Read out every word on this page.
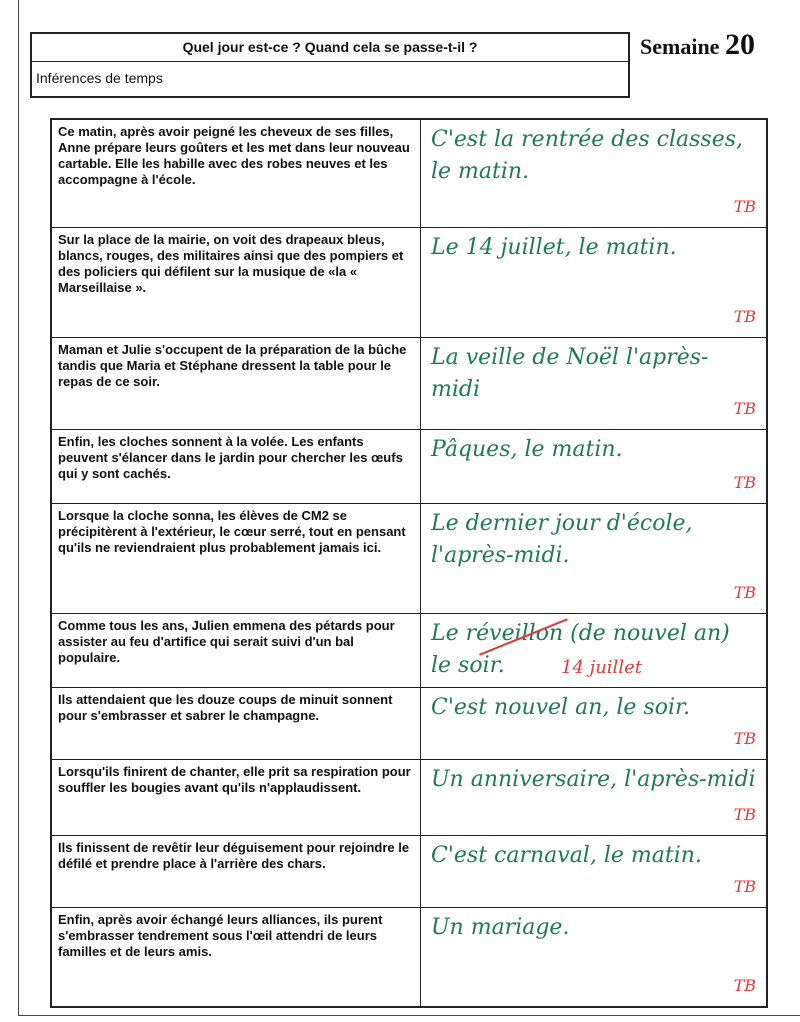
Quel jour est-ce ? Quand cela se passe-t-il ?
Inférences de temps
Semaine 20
Ce matin, après avoir peigné les cheveux de ses filles, Anne prépare leurs goûters et les met dans leur nouveau cartable. Elle les habille avec des robes neuves et les accompagne à l'école.	C'est la rentrée des classes, le matin.
TB

Sur la place de la mairie, on voit des drapeaux bleus, blancs, rouges, des militaires ainsi que des pompiers et des policiers qui défilent sur la musique de «la « Marseillaise ».	Le 14 juillet, le matin.
TB

Maman et Julie s'occupent de la préparation de la bûche tandis que Maria et Stéphane dressent la table pour le repas de ce soir.	La veille de Noël l'après-midi
TB

Enfin, les cloches sonnent à la volée. Les enfants peuvent s'élancer dans le jardin pour chercher les œufs qui y sont cachés.	Pâques, le matin.
TB

Lorsque la cloche sonna, les élèves de CM2 se précipitèrent à l'extérieur, le cœur serré, tout en pensant qu'ils ne reviendraient plus probablement jamais ici.	Le dernier jour d'école, l'après-midi.
TB

Comme tous les ans, Julien emmena des pétards pour assister au feu d'artifice qui serait suivi d'un bal populaire.	Le réveillon (de nouvel an) le soir. 14 juillet

Ils attendaient que les douze coups de minuit sonnent pour s'embrasser et sabrer le champagne.	C'est nouvel an, le soir.
TB

Lorsqu'ils finirent de chanter, elle prit sa respiration pour souffler les bougies avant qu'ils n'applaudissent.	Un anniversaire, l'après-midi
TB

Ils finissent de revêtir leur déguisement pour rejoindre le défilé et prendre place à l'arrière des chars.	C'est carnaval, le matin.
TB

Enfin, après avoir échangé leurs alliances, ils purent s'embrasser tendrement sous l'œil attendri de leurs familles et de leurs amis.	Un mariage.
TB
